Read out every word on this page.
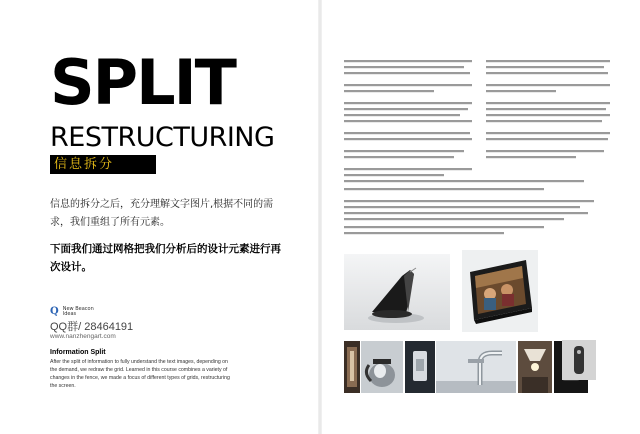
SPLIT
RESTRUCTURING
信息拆分
信息的拆分之后，充分理解文字图片,根据不同的需求，我们重组了所有元素。
下面我们通过网格把我们分析后的设计元素进行再次设计。
Q New Beacon
Ideas
QQ群/ 28464191
www.nanzhengart.com
Information Split
After the split of information to fully understand the text images, depending on the demand, we redraw the grid. Learned in this course combines a variety of changes in the fence, we made a focus of different types of grids, restructuring the screen.
